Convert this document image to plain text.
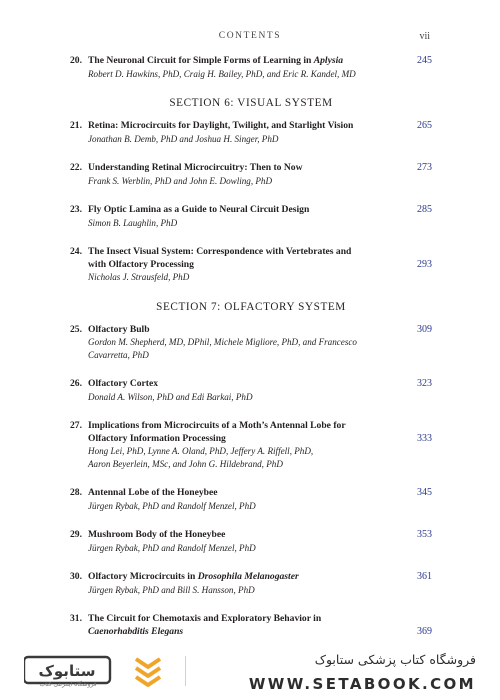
CONTENTS	vii
20. The Neuronal Circuit for Simple Forms of Learning in Aplysia
Robert D. Hawkins, PhD, Craig H. Bailey, PhD, and Eric R. Kandel, MD
245
SECTION 6: VISUAL SYSTEM
21. Retina: Microcircuits for Daylight, Twilight, and Starlight Vision
Jonathan B. Demb, PhD and Joshua H. Singer, PhD
265
22. Understanding Retinal Microcircuitry: Then to Now
Frank S. Werblin, PhD and John E. Dowling, PhD
273
23. Fly Optic Lamina as a Guide to Neural Circuit Design
Simon B. Laughlin, PhD
285
24. The Insect Visual System: Correspondence with Vertebrates and
with Olfactory Processing
Nicholas J. Strausfeld, PhD
293
SECTION 7: OLFACTORY SYSTEM
25. Olfactory Bulb
Gordon M. Shepherd, MD, DPhil, Michele Migliore, PhD, and Francesco
Cavarretta, PhD
309
26. Olfactory Cortex
Donald A. Wilson, PhD and Edi Barkai, PhD
323
27. Implications from Microcircuits of a Moth’s Antennal Lobe for
Olfactory Information Processing
Hong Lei, PhD, Lynne A. Oland, PhD, Jeffery A. Riffell, PhD,
Aaron Beyerlein, MSc, and John G. Hildebrand, PhD
333
28. Antennal Lobe of the Honeybee
Jürgen Rybak, PhD and Randolf Menzel, PhD
345
29. Mushroom Body of the Honeybee
Jürgen Rybak, PhD and Randolf Menzel, PhD
353
30. Olfactory Microcircuits in Drosophila Melanogaster
Jürgen Rybak, PhD and Bill S. Hansson, PhD
361
31. The Circuit for Chemotaxis and Exploratory Behavior in
Caenorhabditis Elegans	369
ستابوک
فروشگاه اینترنتی کتاب
فروشگاه کتاب پزشکی ستابوک
WWW.SETABOOK.COM
